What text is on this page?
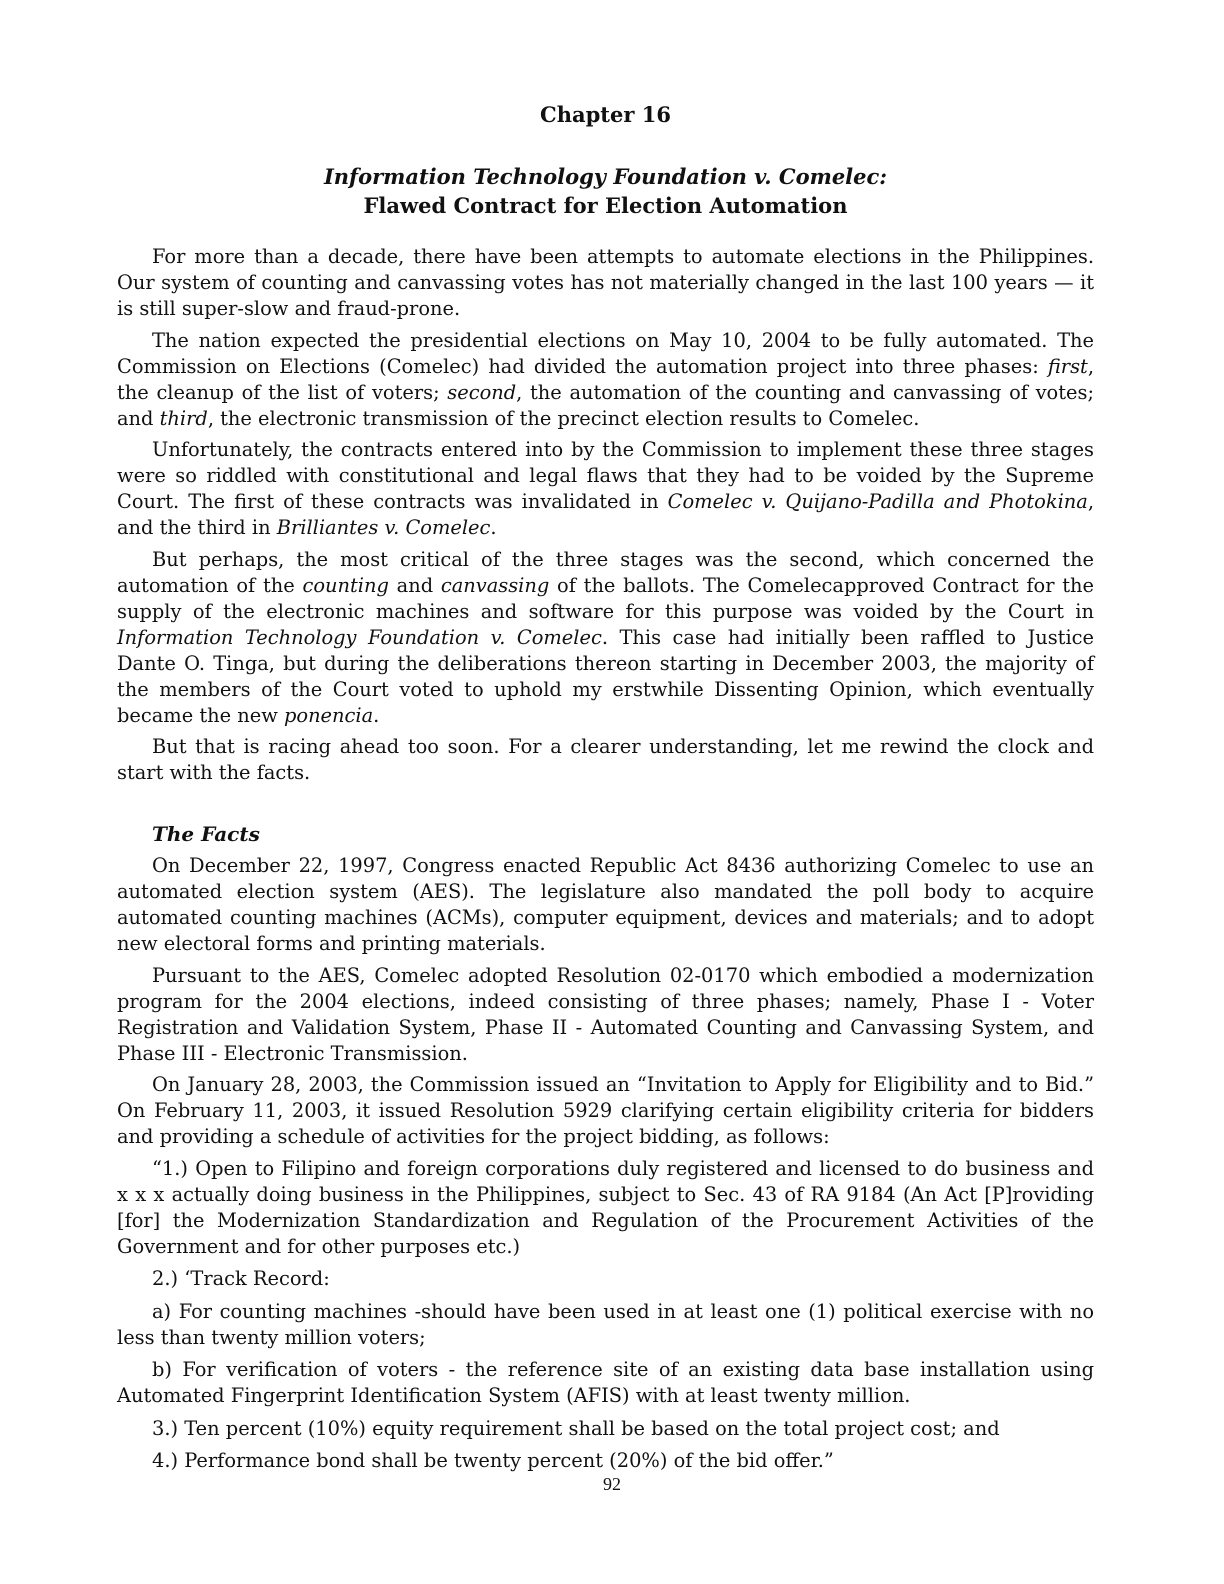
Chapter 16
Information Technology Foundation v. Comelec:
Flawed Contract for Election Automation

For more than a decade, there have been attempts to automate elections in the Philippines. Our system of counting and canvassing votes has not materially changed in the last 100 years — it is still super-slow and fraud-prone.

The nation expected the presidential elections on May 10, 2004 to be fully automated. The Commission on Elections (Comelec) had divided the automation project into three phases: first, the cleanup of the list of voters; second, the automation of the counting and canvassing of votes; and third, the electronic transmission of the precinct election results to Comelec.

Unfortunately, the contracts entered into by the Commission to implement these three stages were so riddled with constitutional and legal flaws that they had to be voided by the Supreme Court. The first of these contracts was invalidated in Comelec v. Quijano-Padilla and Photokina, and the third in Brilliantes v. Comelec.

But perhaps, the most critical of the three stages was the second, which concerned the automation of the counting and canvassing of the ballots. The Comelecapproved Contract for the supply of the electronic machines and software for this purpose was voided by the Court in Information Technology Foundation v. Comelec. This case had initially been raffled to Justice Dante O. Tinga, but during the deliberations thereon starting in December 2003, the majority of the members of the Court voted to uphold my erstwhile Dissenting Opinion, which eventually became the new ponencia.

But that is racing ahead too soon. For a clearer understanding, let me rewind the clock and start with the facts.

The Facts

On December 22, 1997, Congress enacted Republic Act 8436 authorizing Comelec to use an automated election system (AES). The legislature also mandated the poll body to acquire automated counting machines (ACMs), computer equipment, devices and materials; and to adopt new electoral forms and printing materials.

Pursuant to the AES, Comelec adopted Resolution 02-0170 which embodied a modernization program for the 2004 elections, indeed consisting of three phases; namely, Phase I - Voter Registration and Validation System, Phase II - Automated Counting and Canvassing System, and Phase III - Electronic Transmission.

On January 28, 2003, the Commission issued an “Invitation to Apply for Eligibility and to Bid.” On February 11, 2003, it issued Resolution 5929 clarifying certain eligibility criteria for bidders and providing a schedule of activities for the project bidding, as follows:

“1.) Open to Filipino and foreign corporations duly registered and licensed to do business and x x x actually doing business in the Philippines, subject to Sec. 43 of RA 9184 (An Act [P]roviding [for] the Modernization Standardization and Regulation of the Procurement Activities of the Government and for other purposes etc.)

2.) ‘Track Record:

a) For counting machines -should have been used in at least one (1) political exercise with no less than twenty million voters;

b) For verification of voters - the reference site of an existing data base installation using Automated Fingerprint Identification System (AFIS) with at least twenty million.

3.) Ten percent (10%) equity requirement shall be based on the total project cost; and

4.) Performance bond shall be twenty percent (20%) of the bid offer.”

92
